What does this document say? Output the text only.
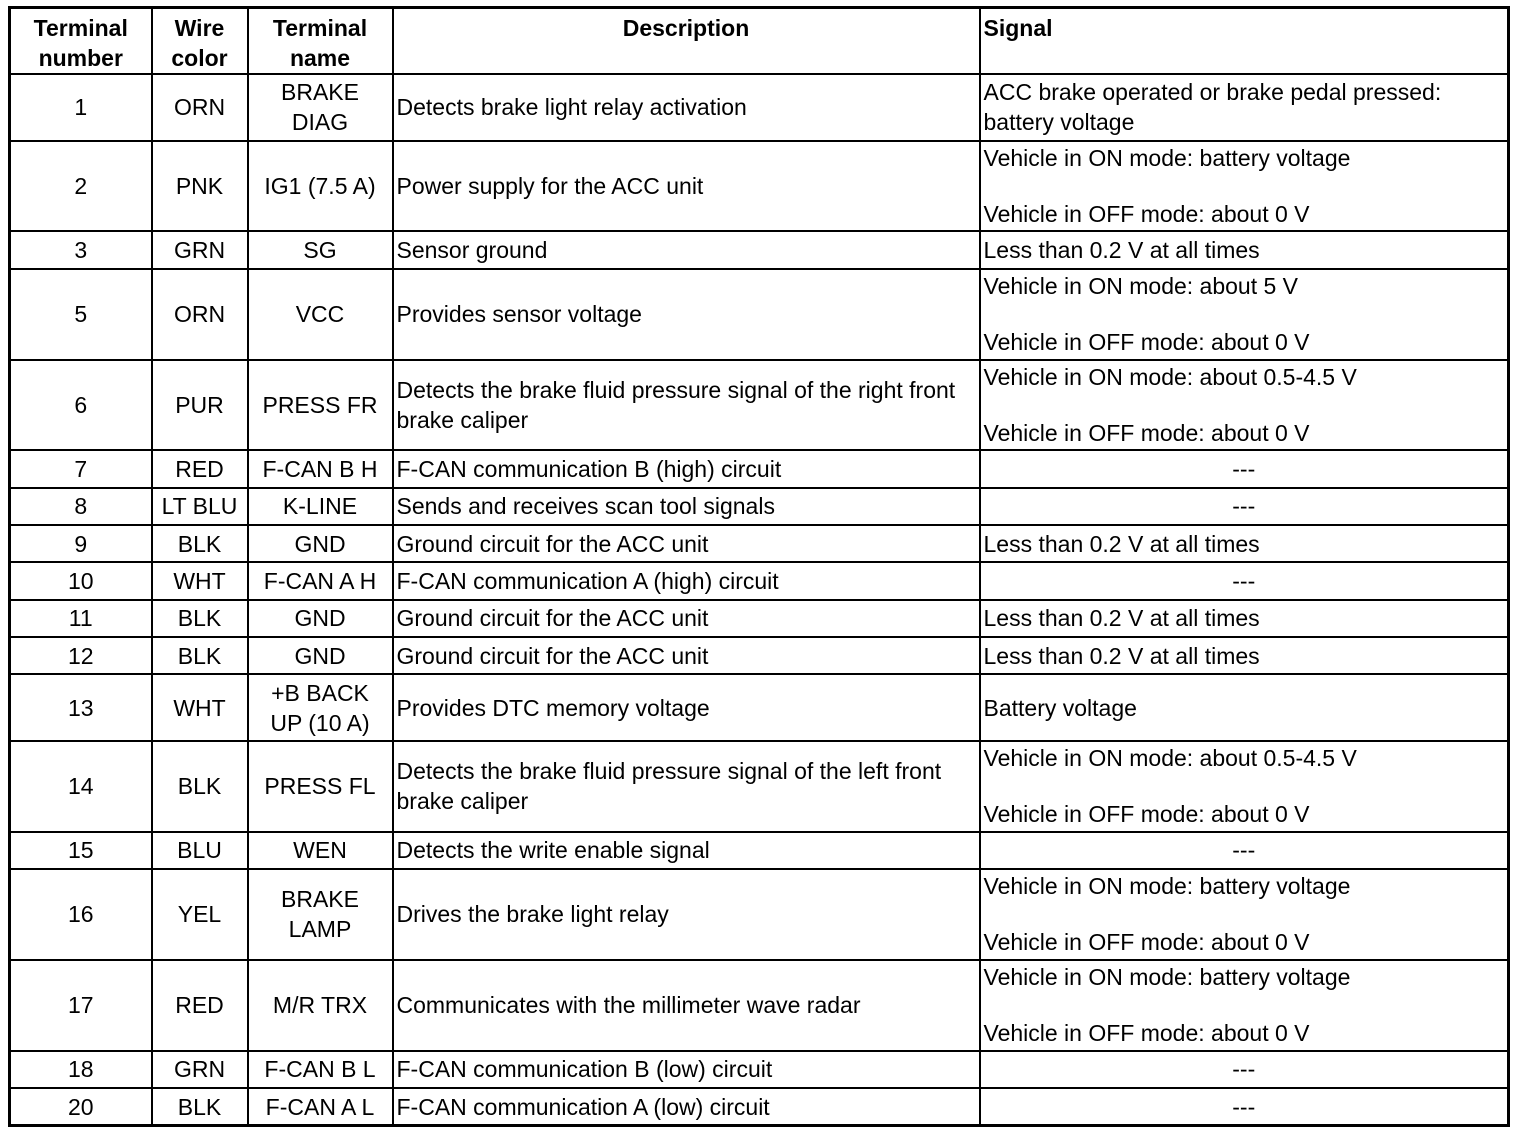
Terminal
number	Wire
color	Terminal
name	Description	Signal
1	ORN	BRAKE
DIAG	Detects brake light relay activation	ACC brake operated or brake pedal pressed:
battery voltage

2	PNK	IG1 (7.5 A)	Power supply for the ACC unit	Vehicle in ON mode: battery voltage
Vehicle in OFF mode: about 0 V

3	GRN	SG	Sensor ground	Less than 0.2 V at all times

5	ORN	VCC	Provides sensor voltage	Vehicle in ON mode: about 5 V
Vehicle in OFF mode: about 0 V

6	PUR	PRESS FR	Detects the brake fluid pressure signal of the right front brake caliper	Vehicle in ON mode: about 0.5-4.5 V
Vehicle in OFF mode: about 0 V

7	RED	F-CAN B H	F-CAN communication B (high) circuit	---
8	LT BLU	K-LINE	Sends and receives scan tool signals	---
9	BLK	GND	Ground circuit for the ACC unit	Less than 0.2 V at all times

10	WHT	F-CAN A H	F-CAN communication A (high) circuit	---
11	BLK	GND	Ground circuit for the ACC unit	Less than 0.2 V at all times

12	BLK	GND	Ground circuit for the ACC unit	Less than 0.2 V at all times

13	WHT	+B BACK
UP (10 A)	Provides DTC memory voltage	Battery voltage

14	BLK	PRESS FL	Detects the brake fluid pressure signal of the left front brake caliper	Vehicle in ON mode: about 0.5-4.5 V
Vehicle in OFF mode: about 0 V

15	BLU	WEN	Detects the write enable signal	---
16	YEL	BRAKE
LAMP	Drives the brake light relay	Vehicle in ON mode: battery voltage
Vehicle in OFF mode: about 0 V

17	RED	M/R TRX	Communicates with the millimeter wave radar	Vehicle in ON mode: battery voltage
Vehicle in OFF mode: about 0 V

18	GRN	F-CAN B L	F-CAN communication B (low) circuit	---
20	BLK	F-CAN A L	F-CAN communication A (low) circuit	---
